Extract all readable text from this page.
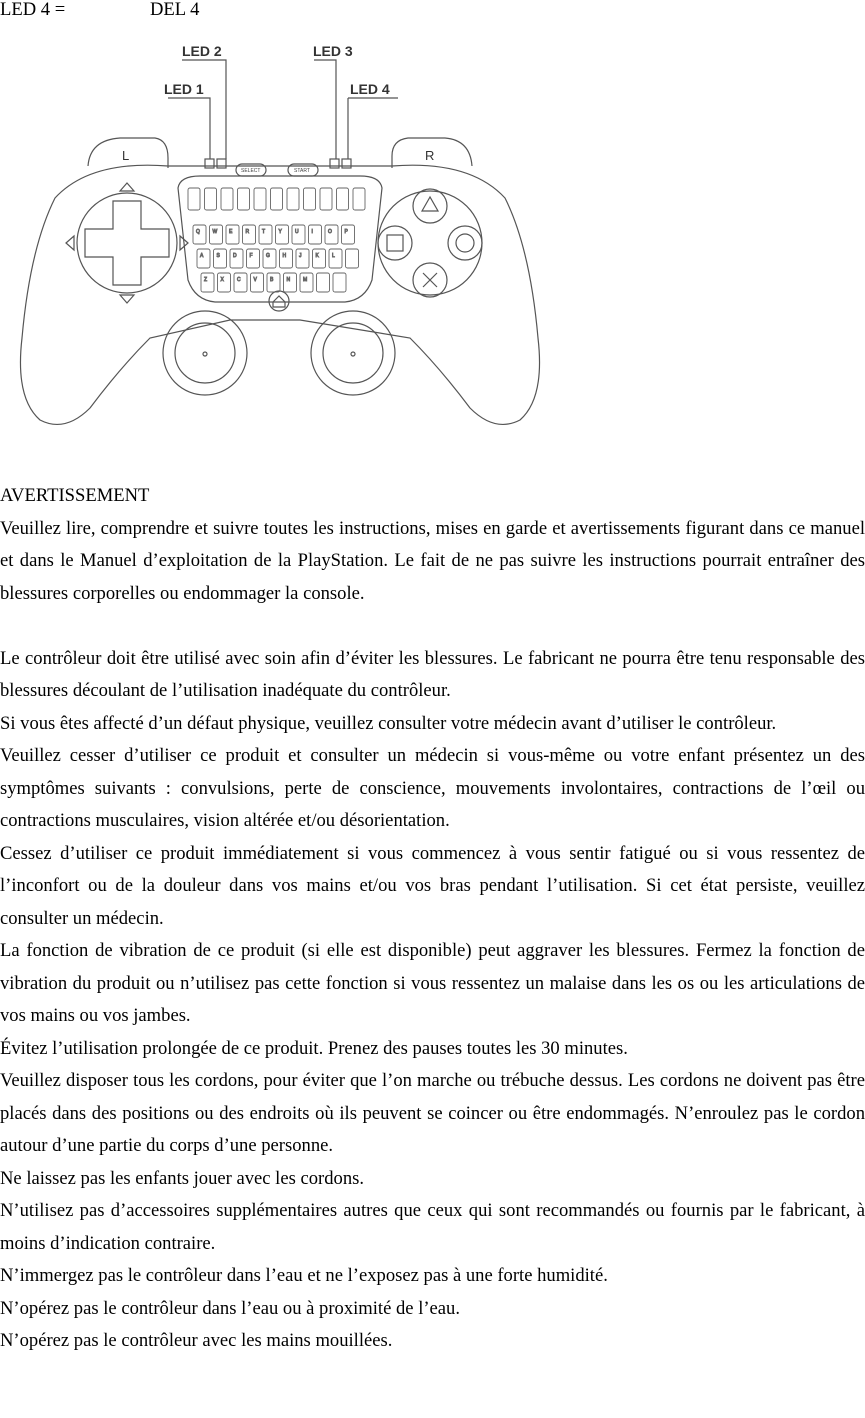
LED 4 =	DEL 4
Q	W E	R	T	Y	U	I	O	P
A	S	D	F	G	H	J	K	L
Z	X	C	V	B	N	M
LED 2
LED 1
LED 3
LED 4
L	R
SELECT	START

AVERTISSEMENT

Veuillez lire, comprendre et suivre toutes les instructions, mises en garde et avertissements figurant dans ce manuel et dans le Manuel d’exploitation de la PlayStation. Le fait de ne pas suivre les instructions pourrait entraîner des blessures corporelles ou endommager la console.

Le contrôleur doit être utilisé avec soin afin d’éviter les blessures. Le fabricant ne pourra être tenu responsable des blessures découlant de l’utilisation inadéquate du contrôleur.

Si vous êtes affecté d’un défaut physique, veuillez consulter votre médecin avant d’utiliser le contrôleur.

Veuillez cesser d’utiliser ce produit et consulter un médecin si vous-même ou votre enfant présentez un des symptômes suivants : convulsions, perte de conscience, mouvements involontaires, contractions de l’œil ou contractions musculaires, vision altérée et/ou désorientation.

Cessez d’utiliser ce produit immédiatement si vous commencez à vous sentir fatigué ou si vous ressentez de l’inconfort ou de la douleur dans vos mains et/ou vos bras pendant l’utilisation. Si cet état persiste, veuillez consulter un médecin.

La fonction de vibration de ce produit (si elle est disponible) peut aggraver les blessures. Fermez la fonction de vibration du produit ou n’utilisez pas cette fonction si vous ressentez un malaise dans les os ou les articulations de vos mains ou vos jambes.

Évitez l’utilisation prolongée de ce produit. Prenez des pauses toutes les 30 minutes.

Veuillez disposer tous les cordons, pour éviter que l’on marche ou trébuche dessus. Les cordons ne doivent pas être placés dans des positions ou des endroits où ils peuvent se coincer ou être endommagés. N’enroulez pas le cordon autour d’une partie du corps d’une personne.

Ne laissez pas les enfants jouer avec les cordons.

N’utilisez pas d’accessoires supplémentaires autres que ceux qui sont recommandés ou fournis par le fabricant, à moins d’indication contraire.

N’immergez pas le contrôleur dans l’eau et ne l’exposez pas à une forte humidité.

N’opérez pas le contrôleur dans l’eau ou à proximité de l’eau.

N’opérez pas le contrôleur avec les mains mouillées.
